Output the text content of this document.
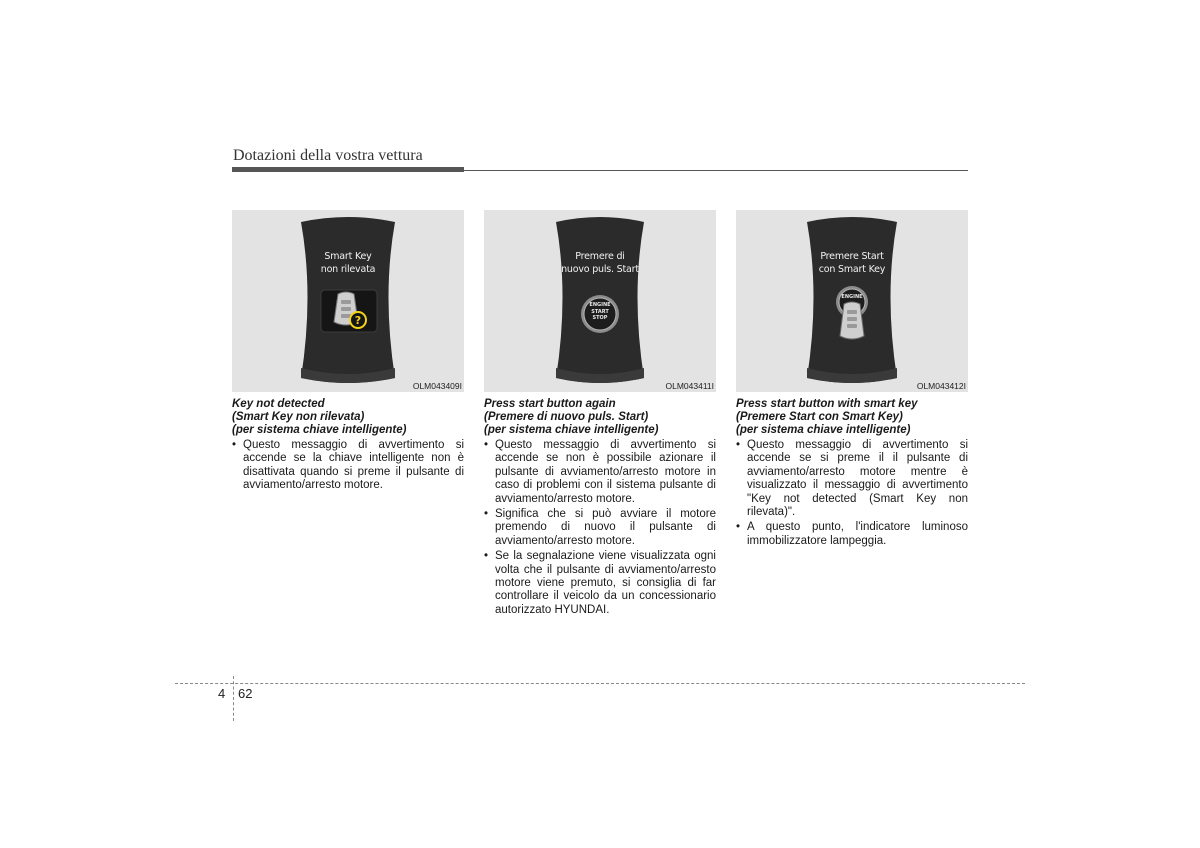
Dotazioni della vostra vettura
?
Smart Key
non rilevata
OLM043409I
Key not detected
(Smart Key non rilevata)
(per sistema chiave intelligente)
• Questo messaggio di avvertimento si accende se la chiave intelligente non è disattivata quando si preme il pulsante di avviamento/arresto motore.
Premere di
nuovo puls. Start
ENGINE
START
STOP
OLM043411I
Press start button again
(Premere di nuovo puls. Start)
(per sistema chiave intelligente)
• Questo messaggio di avvertimento si accende se non è possibile azionare il pulsante di avviamento/arresto motore in caso di problemi con il sistema pulsante di avviamento/arresto motore.
• Significa che si può avviare il motore premendo di nuovo il pulsante di avviamento/arresto motore.
• Se la segnalazione viene visualizzata ogni volta che il pulsante di avviamento/arresto motore viene premuto, si consiglia di far controllare il veicolo da un concessionario autorizzato HYUNDAI.
Premere Start
con Smart Key
ENGINE
OLM043412I
Press start button with smart key
(Premere Start con Smart Key)
(per sistema chiave intelligente)
• Questo messaggio di avvertimento si accende se si preme il il pulsante di avviamento/arresto motore mentre è visualizzato il messaggio di avvertimento "Key not detected (Smart Key non rilevata)".
• A questo punto, l'indicatore luminoso immobilizzatore lampeggia.
4 62
